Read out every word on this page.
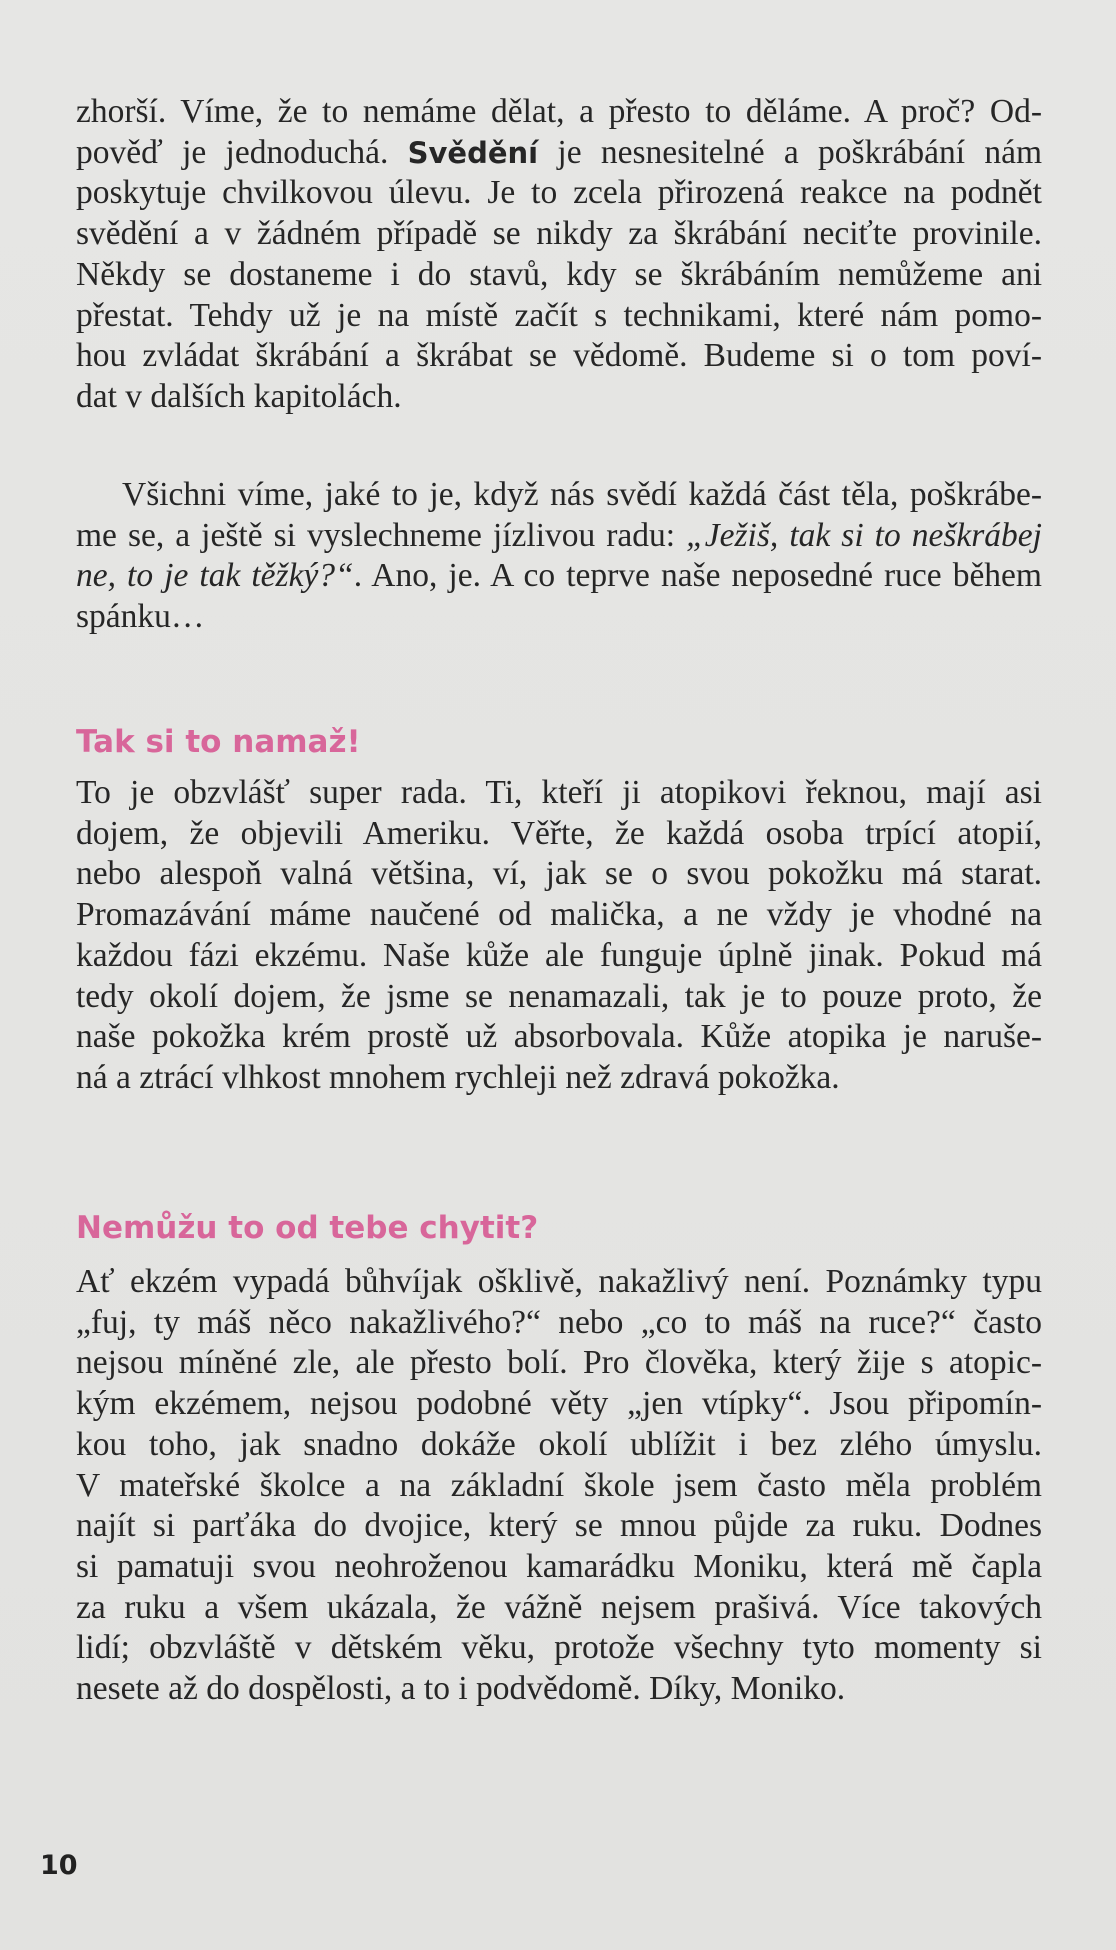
zhorší. Víme, že to nemáme dělat, a přesto to děláme. A proč? Od-
pověď je jednoduchá. Svědění je nesnesitelné a poškrábání nám
poskytuje chvilkovou úlevu. Je to zcela přirozená reakce na podnět
svědění a v žádném případě se nikdy za škrábání neciťte provinile.
Někdy se dostaneme i do stavů, kdy se škrábáním nemůžeme ani
přestat. Tehdy už je na místě začít s technikami, které nám pomo-
hou zvládat škrábání a škrábat se vědomě. Budeme si o tom poví-
dat v dalších kapitolách.

Všichni víme, jaké to je, když nás svědí každá část těla, poškrábe-
me se, a ještě si vyslechneme jízlivou radu: „Ježiš, tak si to neškrábej
ne, to je tak těžký?“. Ano, je. A co teprve naše neposedné ruce během
spánku…

Tak si to namaž!

To je obzvlášť super rada. Ti, kteří ji atopikovi řeknou, mají asi
dojem, že objevili Ameriku. Věřte, že každá osoba trpící atopií,
nebo alespoň valná většina, ví, jak se o svou pokožku má starat.
Promazávání máme naučené od malička, a ne vždy je vhodné na
každou fázi ekzému. Naše kůže ale funguje úplně jinak. Pokud má
tedy okolí dojem, že jsme se nenamazali, tak je to pouze proto, že
naše pokožka krém prostě už absorbovala. Kůže atopika je naruše-
ná a ztrácí vlhkost mnohem rychleji než zdravá pokožka.

Nemůžu to od tebe chytit?

Ať ekzém vypadá bůhvíjak ošklivě, nakažlivý není. Poznámky typu
„fuj, ty máš něco nakažlivého?“ nebo „co to máš na ruce?“ často
nejsou míněné zle, ale přesto bolí. Pro člověka, který žije s atopic-
kým ekzémem, nejsou podobné věty „jen vtípky“. Jsou připomín-
kou toho, jak snadno dokáže okolí ublížit i bez zlého úmyslu.
V mateřské školce a na základní škole jsem často měla problém
najít si parťáka do dvojice, který se mnou půjde za ruku. Dodnes
si pamatuji svou neohroženou kamarádku Moniku, která mě čapla
za ruku a všem ukázala, že vážně nejsem prašivá. Více takových
lidí; obzvláště v dětském věku, protože všechny tyto momenty si
nesete až do dospělosti, a to i podvědomě. Díky, Moniko.

10
